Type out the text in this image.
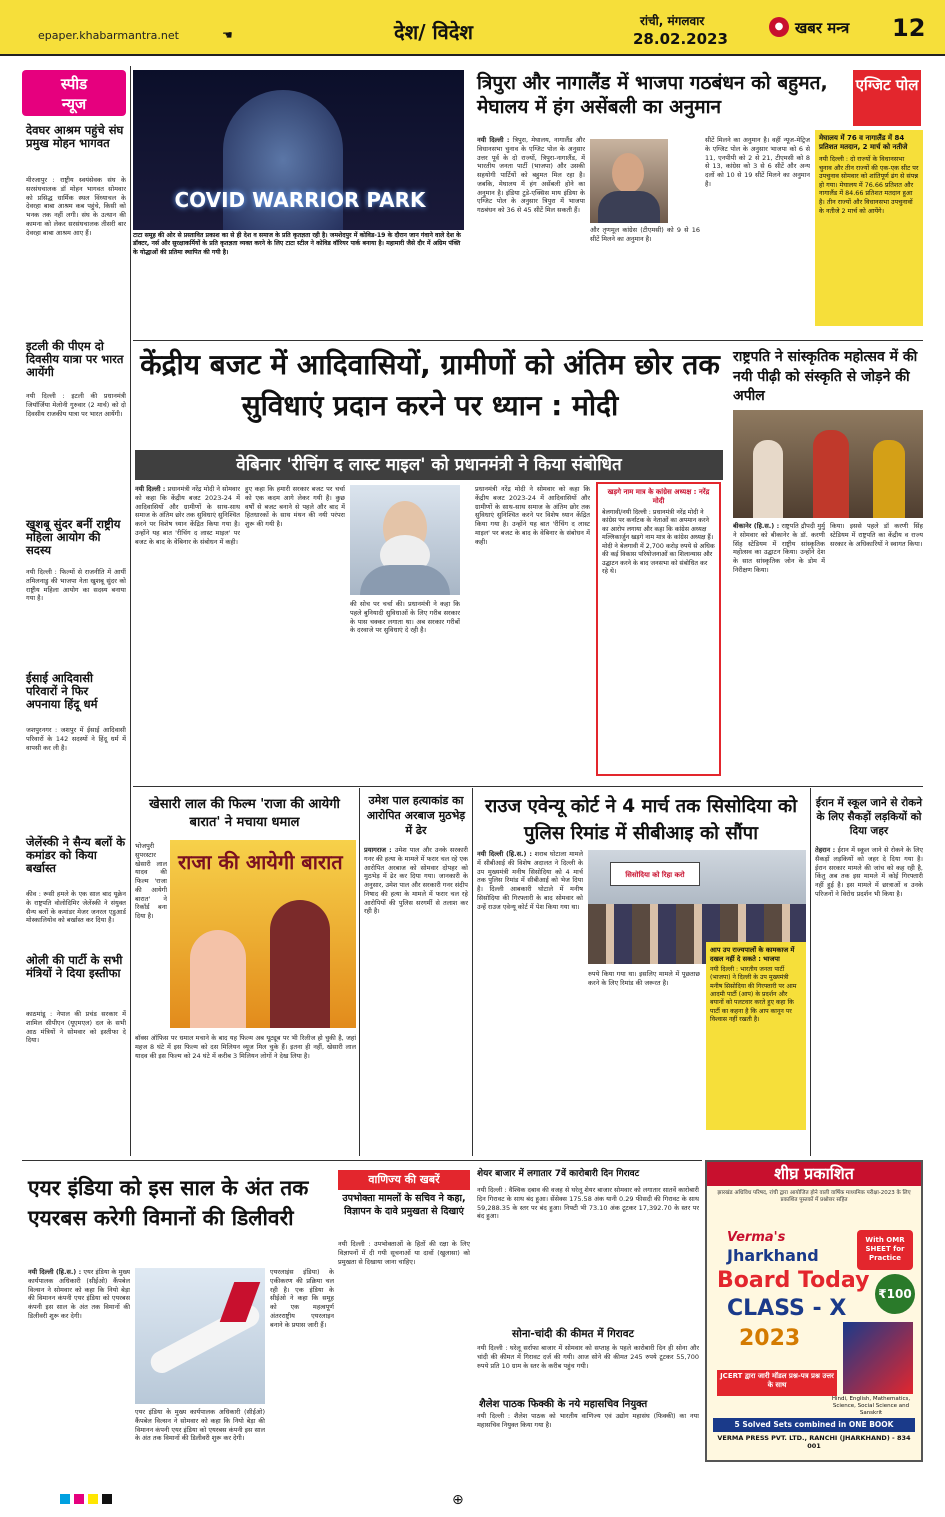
epaper.khabarmantra.net	☚	देश/ विदेश	रांची, मंगलवार
28.02.2023
● खबर मन्त्र 12
स्पीड
न्यूज
देवघर आश्रम पहुंचे संघ प्रमुख मोहन भागवत
मीरजापुर : राष्ट्रीय स्वयंसेवक संघ के सरसंघचालक डॉ मोहन भागवत सोमवार को प्रसिद्ध धार्मिक स्थल विंध्याचल के देवरहा बाबा आश्रम कब पहुंचे, किसी को भनक तक नहीं लगी। संघ के उत्थान की कामना को लेकर सरसंघचालक तीसरी बार देवरहा बाबा आश्रम आए हैं।
इटली की पीएम दो दिवसीय यात्रा पर भारत आयेंगी
नयी दिल्ली : इटली की प्रधानमंत्री जियॉर्जिया मेलोनी गुरुवार (2 मार्च) को दो दिवसीय राजकीय यात्रा पर भारत आयेंगी।
खुशबू सुंदर बनीं राष्ट्रीय महिला आयोग की सदस्य
नयी दिल्ली : फिल्मों से राजनीति में आयीं तमिलनाडु की भाजपा नेता खुशबू सुंदर को राष्ट्रीय महिला आयोग का सदस्य बनाया गया है।
ईसाई आदिवासी परिवारों ने फिर अपनाया हिंदू धर्म
जशपुरनगर : जशपुर में ईसाई आदिवासी परिवारों के 142 सदस्यों ने हिंदू धर्म में वापसी कर ली है।
जेलेंस्की ने सैन्य बलों के कमांडर को किया बर्खास्त
कीव : रूसी हमले के एक साल बाद यूक्रेन के राष्ट्रपति वोलोदिमिर जेलेंस्की ने संयुक्त सैन्य बलों के कमांडर मेजर जनरल एडुआर्ड मोस्कालियोव को बर्खास्त कर दिया है।
ओली की पार्टी के सभी मंत्रियों ने दिया इस्तीफा
काठमांडू : नेपाल की प्रचंड सरकार में शामिल सीपीएन (यूएमएल) दल के सभी आठ मंत्रियों ने सोमवार को इस्तीफा दे दिया।
COVID WARRIOR PARK
टाटा समूह की ओर से प्रस्तावित प्रकाश का से ही देश व समाज के प्रति कृतज्ञता रही है। जमशेदपुर में कोविड-19 के दौरान जान गंवाने वाले देश के डॉक्टर, नर्स और सुरक्षाकर्मियों के प्रति कृतज्ञता व्यक्त करने के लिए टाटा स्टील ने कोविड वॉरियर पार्क बनाया है। महामारी जैसे दौर में अग्रिम पंक्ति के योद्धाओं की प्रतिमा स्थापित की गयी है।
त्रिपुरा और नागालैंड में भाजपा गठबंधन को बहुमत, मेघालय में हंग असेंबली का अनुमान
एग्जिट पोल
नयी दिल्ली : त्रिपुरा, मेघालय, नागालैंड और विधानसभा चुनाव के एग्जिट पोल के अनुसार उत्तर पूर्व के दो राज्यों, त्रिपुरा-नागालैंड, में भारतीय जनता पार्टी (भाजपा) और उसकी सहयोगी पार्टियों को बहुमत मिल रहा है। जबकि, मेघालय में हंग असेंबली होने का अनुमान है। इंडिया टुडे-एक्सिस माय इंडिया के एग्जिट पोल के अनुसार त्रिपुरा में भाजपा गठबंधन को 36 से 45 सीटें मिल सकती हैं।
और तृणमूल कांग्रेस (टीएमसी) को 9 से 16 सीटें मिलने का अनुमान है।
सीटें मिलने का अनुमान है। वहीं न्यूज-मेट्रिज के एग्जिट पोल के अनुसार भाजपा को 6 से 11, एनपीपी को 2 से 21, टीएमसी को 8 से 13, कांग्रेस को 3 से 6 सीटें और अन्य दलों को 10 से 19 सीटें मिलने का अनुमान है।
मेघालय में 76 व नागालैंड में 84 प्रतिशत मतदान, 2 मार्च को नतीजे
नयी दिल्ली : दो राज्यों के विधानसभा चुनाव और तीन राज्यों की एक-एक सीट पर उपचुनाव सोमवार को शांतिपूर्ण ढंग से संपन्न हो गया। मेघालय में 76.66 प्रतिशत और नागालैंड में 84.66 प्रतिशत मतदान हुआ है। तीन राज्यों और विधानसभा उपचुनावों के नतीजे 2 मार्च को आयेंगे।
केंद्रीय बजट में आदिवासियों, ग्रामीणों को अंतिम छोर तक सुविधाएं प्रदान करने पर ध्यान : मोदी
वेबिनार 'रीचिंग द लास्ट माइल' को प्रधानमंत्री ने किया संबोधित
नयी दिल्ली : प्रधानमंत्री नरेंद्र मोदी ने सोमवार को कहा कि केंद्रीय बजट 2023-24 में आदिवासियों और ग्रामीणों के साथ-साथ समाज के अंतिम छोर तक सुविधाएं सुनिश्चित करने पर विशेष ध्यान केंद्रित किया गया है। उन्होंने यह बात 'रीचिंग द लास्ट माइल' पर बजट के बाद के वेबिनार के संबोधन में कही।
हुए कहा कि हमारी सरकार बजट पर चर्चा को एक कदम आगे लेकर गयी है। कुछ वर्षों से बजट बनाने से पहले और बाद में हितधारकों के साथ मंथन की नयी परंपरा शुरू की गयी है।
की सोच पर चर्चा की। प्रधानमंत्री ने कहा कि पहले बुनियादी सुविधाओं के लिए गरीब सरकार के पास चक्कर लगाता था। अब सरकार गरीबों के दरवाजे पर सुविधाएं दे रही है।
प्रधानमंत्री नरेंद्र मोदी ने सोमवार को कहा कि केंद्रीय बजट 2023-24 में आदिवासियों और ग्रामीणों के साथ-साथ समाज के अंतिम छोर तक सुविधाएं सुनिश्चित करने पर विशेष ध्यान केंद्रित किया गया है। उन्होंने यह बात 'रीचिंग द लास्ट माइल' पर बजट के बाद के वेबिनार के संबोधन में कही।
खड़गे नाम मात्र के कांग्रेस अध्यक्ष : नरेंद्र मोदी
बेलगावी/नयी दिल्ली : प्रधानमंत्री नरेंद्र मोदी ने कांग्रेस पर कर्नाटक के नेताओं का अपमान करने का आरोप लगाया और कहा कि कांग्रेस अध्यक्ष मल्लिकार्जुन खड़गे नाम मात्र के कांग्रेस अध्यक्ष हैं। मोदी ने बेलगावी में 2,700 करोड़ रुपये से अधिक की कई विकास परियोजनाओं का शिलान्यास और उद्घाटन करने के बाद जनसभा को संबोधित कर रहे थे।
राष्ट्रपति ने सांस्कृतिक महोत्सव में की नयी पीढ़ी को संस्कृति से जोड़ने की अपील
बीकानेर (हि.स.) : राष्ट्रपति द्रौपदी मुर्मु ने सोमवार को बीकानेर के डॉ. करणी सिंह स्टेडियम में राष्ट्रीय सांस्कृतिक महोत्सव का उद्घाटन किया। उन्होंने देश के सात सांस्कृतिक जोन के डोम में निरीक्षण किया।
किया। इससे पहले डॉ करणी सिंह स्टेडियम में राष्ट्रपति का केंद्रीय व राज्य सरकार के अधिकारियों ने स्वागत किया।
खेसारी लाल की फिल्म 'राजा की आयेगी बारात' ने मचाया धमाल
भोजपुरी सुपरस्टार खेसारी लाल यादव की फिल्म 'राजा की आयेगी बारात' ने रिकॉर्ड बना दिया है।
राजा की आयेगी बारात
बॉक्स ऑफिस पर धमाल मचाने के बाद यह फिल्म अब यूट्यूब पर भी रिलीज हो चुकी है, जहां महज 8 घंटे में इस फिल्म को दस मिलियन व्यूज मिल चुके हैं। इतना ही नहीं, खेसारी लाल यादव की इस फिल्म को 24 घंटे में करीब 3 मिलियन लोगों ने देख लिया है।
उमेश पाल हत्याकांड का आरोपित अरबाज मुठभेड़ में ढेर
प्रयागराज : उमेश पाल और उनके सरकारी गनर की हत्या के मामले में फरार चल रहे एक आरोपित अरबाज को सोमवार दोपहर को मुठभेड़ में ढेर कर दिया गया। जानकारी के अनुसार, उमेश पाल और सरकारी गनर संदीप निषाद की हत्या के मामले में फरार चल रहे आरोपियों की पुलिस सरगर्मी से तलाश कर रही है।
राउज एवेन्यू कोर्ट ने 4 मार्च तक सिसोदिया को पुलिस रिमांड में सीबीआइ को सौंपा
नयी दिल्ली (हि.स.) : शराब घोटाला मामले में सीबीआई की विशेष अदालत ने दिल्ली के उप मुख्यमंत्री मनीष सिसोदिया को 4 मार्च तक पुलिस रिमांड में सीबीआई को भेज दिया है। दिल्ली आबकारी घोटाले में मनीष सिसोदिया की गिरफ्तारी के बाद सोमवार को उन्हें राउज एवेन्यू कोर्ट में पेश किया गया था।
सिसोदिया को रिहा करो
रुपये किया गया था। इसलिए मामले में पूछताछ करने के लिए रिमांड की जरूरत है।
आप उप राज्यपालों के कामकाज में दखल नहीं दे सकते : भाजपा
नयी दिल्ली : भारतीय जनता पार्टी (भाजपा) ने दिल्ली के उप मुख्यमंत्री मनीष सिसोदिया की गिरफ्तारी पर आम आदमी पार्टी (आप) के प्रदर्शन और बयानों को पलटवार करते हुए कहा कि पार्टी का कहना है कि आप कानून पर विश्वास नहीं रखती है।
ईरान में स्कूल जाने से रोकने के लिए सैकड़ों लड़कियों को दिया जहर
तेहरान : ईरान में स्कूल जाने से रोकने के लिए सैकड़ों लड़कियों को जहर दे दिया गया है। ईरान सरकार मामले की जांच को कह रही है, किंतु अब तक इस मामले में कोई गिरफ्तारी नहीं हुई है। इस मामले में छात्राओं व उनके परिजनों ने विरोध प्रदर्शन भी किया है।
एयर इंडिया को इस साल के अंत तक एयरबस करेगी विमानों की डिलीवरी
नयी दिल्ली (हि.स.) : एयर इंडिया के मुख्य कार्यपालक अधिकारी (सीईओ) कैंपबेल विल्सन ने सोमवार को कहा कि नियो बेड़ा की विमानन कंपनी एयर इंडिया को एयरबस कंपनी इस साल के अंत तक विमानों की डिलीवरी शुरू कर देगी।
एयर इंडिया के मुख्य कार्यपालक अधिकारी (सीईओ) कैंपबेल विल्सन ने सोमवार को कहा कि नियो बेड़ा की विमानन कंपनी एयर इंडिया को एयरबस कंपनी इस साल के अंत तक विमानों की डिलीवरी शुरू कर देगी।
एयरलाइंस इंडिया) के एकीकरण की प्रक्रिया चल रही है। एक इंडिया के सीईओ ने कहा कि समूह को एक महत्वपूर्ण अंतरराष्ट्रीय एयरलाइन बनाने के प्रयास जारी हैं।
वाणिज्य की खबरें
उपभोक्ता मामलों के सचिव ने कहा, विज्ञापन के दावे प्रमुखता से दिखाएं
नयी दिल्ली : उपभोक्ताओं के हितों की रक्षा के लिए विज्ञापनों में दी गयी सूचनाओं या दावों (खुलासा) को प्रमुखता से दिखाया जाना चाहिए।
शेयर बाजार में लगातार 7वें कारोबारी दिन गिरावट
नयी दिल्ली : वैश्विक दबाव की वजह से घरेलू शेयर बाजार सोमवार को लगातार सातवें कारोबारी दिन गिरावट के साथ बंद हुआ। सेंसेक्स 175.58 अंक यानी 0.29 फीसदी की गिरावट के साथ 59,288.35 के स्तर पर बंद हुआ। निफ्टी भी 73.10 अंक टूटकर 17,392.70 के स्तर पर बंद हुआ।
सोना-चांदी की कीमत में गिरावट
नयी दिल्ली : घरेलू सर्राफा बाजार में सोमवार को सप्ताह के पहले कारोबारी दिन ही सोना और चांदी की कीमत में गिरावट दर्ज की गयी। आज सोने की कीमत 245 रुपये टूटकर 55,700 रुपये प्रति 10 ग्राम के स्तर के करीब पहुंच गयी।
शैलेश पाठक फिक्की के नये महासचिव नियुक्त
नयी दिल्ली : शैलेश पाठक को भारतीय वाणिज्य एवं उद्योग महासंघ (फिक्की) का नया महासचिव नियुक्त किया गया है।
शीघ्र प्रकाशित
झारखंड अधिविध परिषद, रांची द्वारा आयोजित होने वाली वार्षिक माध्यमिक परीक्षा-2023 के लिए प्रकाशित पुस्तकों में प्रश्नोत्तर सहित
Verma's
Jharkhand
With OMR SHEET for Practice
Board Today
CLASS - X
2023
₹100
JCERT द्वारा जारी मॉडल प्रश्न-पत्र प्रश्न उत्तर के साथ
Hindi, English, Mathematics, Science, Social Science and Sanskrit
5 Solved Sets combined in ONE BOOK
VERMA PRESS PVT. LTD., RANCHI (JHARKHAND) - 834 001
⊕
